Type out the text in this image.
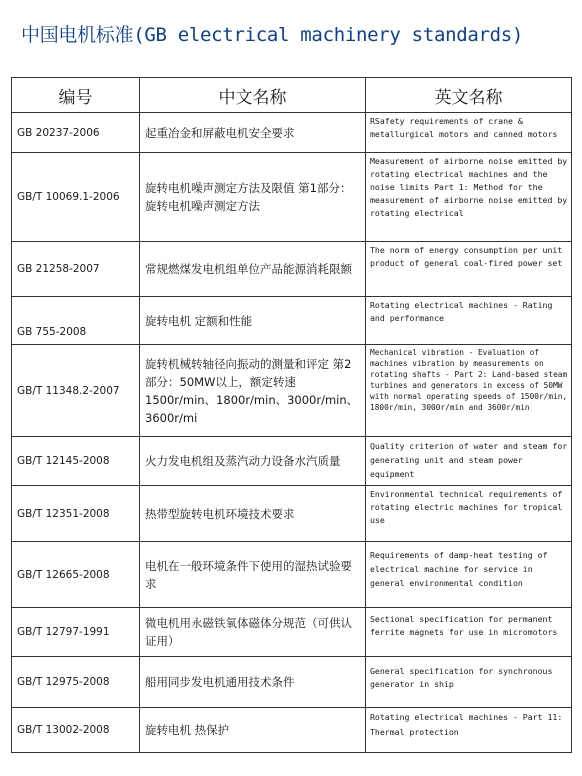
中国电机标准(GB electrical machinery standards)
编号	中文名称	英文名称
GB 20237-2006	起重冶金和屏蔽电机安全要求	RSafety requirements of crane & metallurgical motors and canned motors
GB/T 10069.1-2006	旋转电机噪声测定方法及限值 第1部分：旋转电机噪声测定方法	Measurement of airborne noise emitted by rotating electrical machines and the noise limits Part 1: Method for the measurement of airborne noise emitted by rotating electrical
GB 21258-2007	常规燃煤发电机组单位产品能源消耗限额	The norm of energy consumption per unit product of general coal-fired power set
GB 755-2008	旋转电机 定额和性能	Rotating electrical machines - Rating and performance
GB/T 11348.2-2007	旋转机械转轴径向振动的测量和评定 第2部分：50MW以上，额定转速1500r/min、1800r/min、3000r/min、3600r/mi	Mechanical vibration - Evaluation of machines vibration by measurements on rotating shafts - Part 2: Land-based steam turbines and generators in excess of 50MW with normal operating speeds of 1500r/min, 1800r/min, 3000r/min and 3600r/min
GB/T 12145-2008	火力发电机组及蒸汽动力设备水汽质量	Quality criterion of water and steam for generating unit and steam power equipment
GB/T 12351-2008	热带型旋转电机环境技术要求	Environmental technical requirements of rotating electric machines for tropical use
GB/T 12665-2008	电机在一般环境条件下使用的湿热试验要求	Requirements of damp-heat testing of electrical machine for service in general environmental condition
GB/T 12797-1991	微电机用永磁铁氧体磁体分规范（可供认证用）	Sectional specification for permanent ferrite magnets for use in micromotors
GB/T 12975-2008	船用同步发电机通用技术条件	General specification for synchronous generator in ship
GB/T 13002-2008	旋转电机 热保护	Rotating electrical machines - Part 11: Thermal protection
